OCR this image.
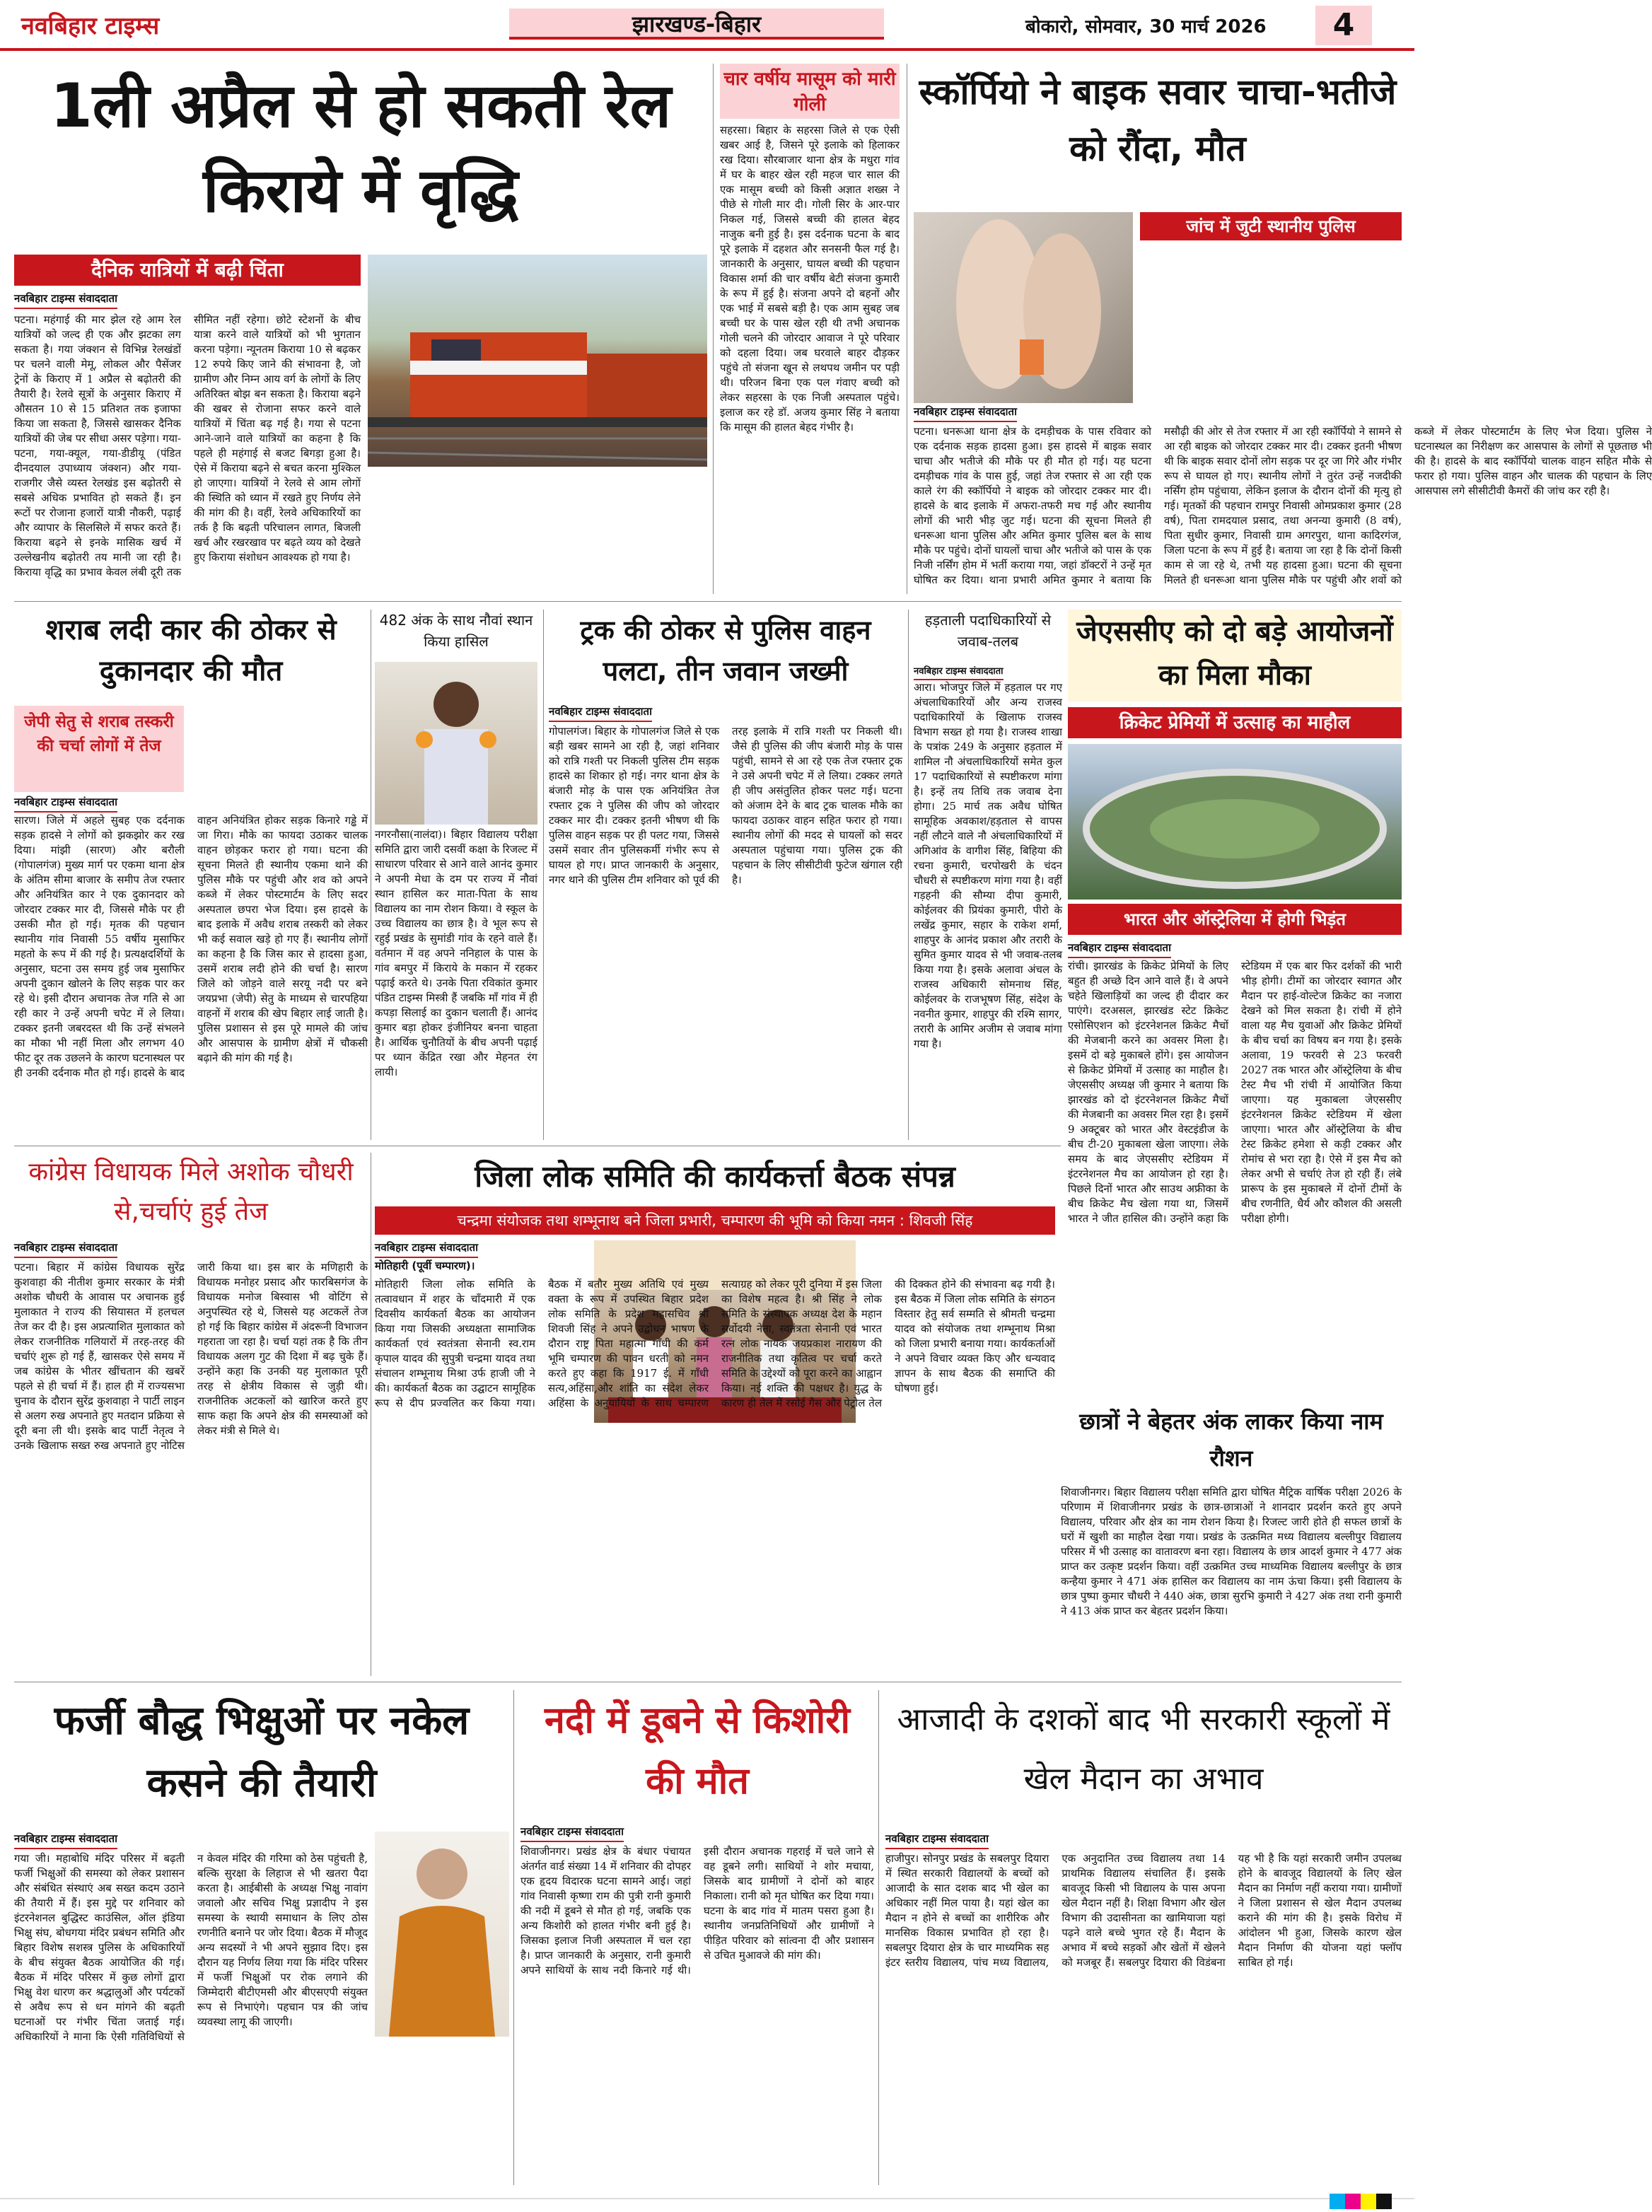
नवबिहार टाइम्स	झारखण्ड-बिहार	बोकारो, सोमवार, 30 मार्च 2026	4
1ली अप्रैल से हो सकती रेल किराये में वृद्धि
दैनिक यात्रियों में बढ़ी चिंता
नवबिहार टाइम्स संवाददाता
पटना। महंगाई की मार झेल रहे आम रेल यात्रियों को जल्द ही एक और झटका लग सकता है। गया जंक्शन से विभिन्न रेलखंडों पर चलने वाली मेमू, लोकल और पैसेंजर ट्रेनों के किराए में 1 अप्रैल से बढ़ोतरी की तैयारी है। रेलवे सूत्रों के अनुसार किराए में औसतन 10 से 15 प्रतिशत तक इजाफा किया जा सकता है, जिससे खासकर दैनिक यात्रियों की जेब पर सीधा असर पड़ेगा। गया-पटना, गया-क्यूल, गया-डीडीयू (पंडित दीनदयाल उपाध्याय जंक्शन) और गया-राजगीर जैसे व्यस्त रेलखंड इस बढ़ोतरी से सबसे अधिक प्रभावित हो सकते हैं। इन रूटों पर रोजाना हजारों यात्री नौकरी, पढ़ाई और व्यापार के सिलसिले में सफर करते हैं। किराया बढ़ने से इनके मासिक खर्च में उल्लेखनीय बढ़ोतरी तय मानी जा रही है। किराया वृद्धि का प्रभाव केवल लंबी दूरी तक सीमित नहीं रहेगा। छोटे स्टेशनों के बीच यात्रा करने वाले यात्रियों को भी भुगतान करना पड़ेगा। न्यूनतम किराया 10 से बढ़कर 12 रुपये किए जाने की संभावना है, जो ग्रामीण और निम्न आय वर्ग के लोगों के लिए अतिरिक्त बोझ बन सकता है। किराया बढ़ने की खबर से रोजाना सफर करने वाले यात्रियों में चिंता बढ़ गई है। गया से पटना आने-जाने वाले यात्रियों का कहना है कि पहले ही महंगाई से बजट बिगड़ा हुआ है। ऐसे में किराया बढ़ने से बचत करना मुश्किल हो जाएगा। यात्रियों ने रेलवे से आम लोगों की स्थिति को ध्यान में रखते हुए निर्णय लेने की मांग की है। वहीं, रेलवे अधिकारियों का तर्क है कि बढ़ती परिचालन लागत, बिजली खर्च और रखरखाव पर बढ़ते व्यय को देखते हुए किराया संशोधन आवश्यक हो गया है।
चार वर्षीय मासूम को मारी गोली
सहरसा। बिहार के सहरसा जिले से एक ऐसी खबर आई है, जिसने पूरे इलाके को हिलाकर रख दिया। सौरबाजार थाना क्षेत्र के मधुरा गांव में घर के बाहर खेल रही महज चार साल की एक मासूम बच्ची को किसी अज्ञात शख्स ने पीछे से गोली मार दी। गोली सिर के आर-पार निकल गई, जिससे बच्ची की हालत बेहद नाजुक बनी हुई है। इस दर्दनाक घटना के बाद पूरे इलाके में दहशत और सनसनी फैल गई है। जानकारी के अनुसार, घायल बच्ची की पहचान विकास शर्मा की चार वर्षीय बेटी संजना कुमारी के रूप में हुई है। संजना अपने दो बहनों और एक भाई में सबसे बड़ी है। एक आम सुबह जब बच्ची घर के पास खेल रही थी तभी अचानक गोली चलने की जोरदार आवाज ने पूरे परिवार को दहला दिया। जब घरवाले बाहर दौड़कर पहुंचे तो संजना खून से लथपथ जमीन पर पड़ी थी। परिजन बिना एक पल गंवाए बच्ची को लेकर सहरसा के एक निजी अस्पताल पहुंचे। इलाज कर रहे डॉ. अजय कुमार सिंह ने बताया कि मासूम की हालत बेहद गंभीर है।
स्कॉर्पियो ने बाइक सवार चाचा-भतीजे को रौंदा, मौत
नवबिहार टाइम्स संवाददाता
जांच में जुटी स्थानीय पुलिस
पटना। धनरूआ थाना क्षेत्र के दमड़ीचक के पास रविवार को एक दर्दनाक सड़क हादसा हुआ। इस हादसे में बाइक सवार चाचा और भतीजे की मौके पर ही मौत हो गई। यह घटना दमड़ीचक गांव के पास हुई, जहां तेज रफ्तार से आ रही एक काले रंग की स्कॉर्पियो ने बाइक को जोरदार टक्कर मार दी। हादसे के बाद इलाके में अफरा-तफरी मच गई और स्थानीय लोगों की भारी भीड़ जुट गई। घटना की सूचना मिलते ही धनरूआ थाना पुलिस और अमित कुमार पुलिस बल के साथ मौके पर पहुंचे। दोनों घायलों चाचा और भतीजे को पास के एक निजी नर्सिंग होम में भर्ती कराया गया, जहां डॉक्टरों ने उन्हें मृत घोषित कर दिया। थाना प्रभारी अमित कुमार ने बताया कि मसौढ़ी की ओर से तेज रफ्तार में आ रही स्कॉर्पियो ने सामने से आ रही बाइक को जोरदार टक्कर मार दी। टक्कर इतनी भीषण थी कि बाइक सवार दोनों लोग सड़क पर दूर जा गिरे और गंभीर रूप से घायल हो गए। स्थानीय लोगों ने तुरंत उन्हें नजदीकी नर्सिंग होम पहुंचाया, लेकिन इलाज के दौरान दोनों की मृत्यु हो गई। मृतकों की पहचान रामपुर निवासी ओमप्रकाश कुमार (28 वर्ष), पिता रामदयाल प्रसाद, तथा अनन्या कुमारी (8 वर्ष), पिता सुधीर कुमार, निवासी ग्राम अगरपुरा, थाना कादिरगंज, जिला पटना के रूप में हुई है। बताया जा रहा है कि दोनों किसी काम से जा रहे थे, तभी यह हादसा हुआ। घटना की सूचना मिलते ही धनरूआ थाना पुलिस मौके पर पहुंची और शवों को कब्जे में लेकर पोस्टमार्टम के लिए भेज दिया। पुलिस ने घटनास्थल का निरीक्षण कर आसपास के लोगों से पूछताछ भी की है। हादसे के बाद स्कॉर्पियो चालक वाहन सहित मौके से फरार हो गया। पुलिस वाहन और चालक की पहचान के लिए आसपास लगे सीसीटीवी कैमरों की जांच कर रही है।
शराब लदी कार की ठोकर से दुकानदार की मौत
जेपी सेतु से शराब तस्करी की चर्चा लोगों में तेज
नवबिहार टाइम्स संवाददाता
सारण। जिले में अहले सुबह एक दर्दनाक सड़क हादसे ने लोगों को झकझोर कर रख दिया। मांझी (सारण) और बरौली (गोपालगंज) मुख्य मार्ग पर एकमा थाना क्षेत्र के अंतिम सीमा बाजार के समीप तेज रफ्तार और अनियंत्रित कार ने एक दुकानदार को जोरदार टक्कर मार दी, जिससे मौके पर ही उसकी मौत हो गई। मृतक की पहचान स्थानीय गांव निवासी 55 वर्षीय मुसाफिर महतो के रूप में की गई है। प्रत्यक्षदर्शियों के अनुसार, घटना उस समय हुई जब मुसाफिर अपनी दुकान खोलने के लिए सड़क पार कर रहे थे। इसी दौरान अचानक तेज गति से आ रही कार ने उन्हें अपनी चपेट में ले लिया। टक्कर इतनी जबरदस्त थी कि उन्हें संभलने का मौका भी नहीं मिला और लगभग 40 फीट दूर तक उछलने के कारण घटनास्थल पर ही उनकी दर्दनाक मौत हो गई। हादसे के बाद वाहन अनियंत्रित होकर सड़क किनारे गड्ढे में जा गिरा। मौके का फायदा उठाकर चालक वाहन छोड़कर फरार हो गया। घटना की सूचना मिलते ही स्थानीय एकमा थाने की पुलिस मौके पर पहुंची और शव को अपने कब्जे में लेकर पोस्टमार्टम के लिए सदर अस्पताल छपरा भेज दिया। इस हादसे के बाद इलाके में अवैध शराब तस्करी को लेकर भी कई सवाल खड़े हो गए हैं। स्थानीय लोगों का कहना है कि जिस कार से हादसा हुआ, उसमें शराब लदी होने की चर्चा है। सारण जिले को जोड़ने वाले सरयू नदी पर बने जयप्रभा (जेपी) सेतु के माध्यम से चारपहिया वाहनों में शराब की खेप बिहार लाई जाती है। पुलिस प्रशासन से इस पूरे मामले की जांच और आसपास के ग्रामीण क्षेत्रों में चौकसी बढ़ाने की मांग की गई है।
482 अंक के साथ नौवां स्थान किया हासिल
नगरनौसा(नालंदा)। बिहार विद्यालय परीक्षा समिति द्वारा जारी दसवीं कक्षा के रिजल्ट में साधारण परिवार से आने वाले आनंद कुमार ने अपनी मेधा के दम पर राज्य में नौवां स्थान हासिल कर माता-पिता के साथ विद्यालय का नाम रोशन किया। वे स्कूल के उच्च विद्यालय का छात्र है। वे भूल रूप से रहुई प्रखंड के सुमांडी गांव के रहने वाले हैं। वर्तमान में वह अपने ननिहाल के पास के गांव बमपुर में किराये के मकान में रहकर पढ़ाई करते थे। उनके पिता रविकांत कुमार पंडित टाइम्स मिस्त्री हैं जबकि माँ गांव में ही कपड़ा सिलाई का दुकान चलाती हैं। आनंद कुमार बड़ा होकर इंजीनियर बनना चाहता है। आर्थिक चुनौतियों के बीच अपनी पढ़ाई पर ध्यान केंद्रित रखा और मेहनत रंग लायी।
ट्रक की ठोकर से पुलिस वाहन पलटा, तीन जवान जख्मी
नवबिहार टाइम्स संवाददाता
गोपालगंज। बिहार के गोपालगंज जिले से एक बड़ी खबर सामने आ रही है, जहां शनिवार को रात्रि गश्ती पर निकली पुलिस टीम सड़क हादसे का शिकार हो गई। नगर थाना क्षेत्र के बंजारी मोड़ के पास एक अनियंत्रित तेज रफ्तार ट्रक ने पुलिस की जीप को जोरदार टक्कर मार दी। टक्कर इतनी भीषण थी कि पुलिस वाहन सड़क पर ही पलट गया, जिससे उसमें सवार तीन पुलिसकर्मी गंभीर रूप से घायल हो गए। प्राप्त जानकारी के अनुसार, नगर थाने की पुलिस टीम शनिवार को पूर्व की तरह इलाके में रात्रि गश्ती पर निकली थी। जैसे ही पुलिस की जीप बंजारी मोड़ के पास पहुंची, सामने से आ रहे एक तेज रफ्तार ट्रक ने उसे अपनी चपेट में ले लिया। टक्कर लगते ही जीप असंतुलित होकर पलट गई। घटना को अंजाम देने के बाद ट्रक चालक मौके का फायदा उठाकर वाहन सहित फरार हो गया। स्थानीय लोगों की मदद से घायलों को सदर अस्पताल पहुंचाया गया। पुलिस ट्रक की पहचान के लिए सीसीटीवी फुटेज खंगाल रही है।
हड़ताली पदाधिकारियों से जवाब-तलब
नवबिहार टाइम्स संवाददाता
आरा। भोजपुर जिले में हड़ताल पर गए अंचलाधिकारियों और अन्य राजस्व पदाधिकारियों के खिलाफ राजस्व विभाग सख्त हो गया है। राजस्व शाखा के पत्रांक 249 के अनुसार हड़ताल में शामिल नौ अंचलाधिकारियों समेत कुल 17 पदाधिकारियों से स्पष्टीकरण मांगा है। इन्हें तय तिथि तक जवाब देना होगा। 25 मार्च तक अवैध घोषित सामूहिक अवकाश/हड़ताल से वापस नहीं लौटने वाले नौ अंचलाधिकारियों में अगिआंव के वागीश सिंह, बिहिया की रचना कुमारी, चरपोखरी के चंदन चौधरी से स्पष्टीकरण मांगा गया है। वहीं गड़हनी की सौम्या दीपा कुमारी, कोईलवर की प्रियंका कुमारी, पीरो के लखेंद्र कुमार, सहार के राकेश शर्मा, शाहपुर के आनंद प्रकाश और तरारी के सुमित कुमार यादव से भी जवाब-तलब किया गया है। इसके अलावा अंचल के राजस्व अधिकारी सोमनाथ सिंह, कोईलवर के राजभूषण सिंह, संदेश के नवनीत कुमार, शाहपुर की रश्मि सागर, तरारी के आमिर अजीम से जवाब मांगा गया है।
जेएससीए को दो बड़े आयोजनों का मिला मौका
क्रिकेट प्रेमियों में उत्साह का माहौल
भारत और ऑस्ट्रेलिया में होगी भिड़ंत
नवबिहार टाइम्स संवाददाता
रांची। झारखंड के क्रिकेट प्रेमियों के लिए बहुत ही अच्छे दिन आने वाले हैं। वे अपने चहेते खिलाड़ियों का जल्द ही दीदार कर पाएंगे। दरअसल, झारखंड स्टेट क्रिकेट एसोसिएशन को इंटरनेशनल क्रिकेट मैचों की मेजबानी करने का अवसर मिला है। इसमें दो बड़े मुकाबले होंगे। इस आयोजन से क्रिकेट प्रेमियों में उत्साह का माहौल है। जेएससीए अध्यक्ष जी कुमार ने बताया कि झारखंड को दो इंटरनेशनल क्रिकेट मैचों की मेजबानी का अवसर मिल रहा है। इसमें 9 अक्टूबर को भारत और वेस्टइंडीज के बीच टी-20 मुकाबला खेला जाएगा। लेके समय के बाद जेएससीए स्टेडियम में इंटरनेशनल मैच का आयोजन हो रहा है। पिछले दिनों भारत और साउथ अफ्रीका के बीच क्रिकेट मैच खेला गया था, जिसमें भारत ने जीत हासिल की। उन्होंने कहा कि स्टेडियम में एक बार फिर दर्शकों की भारी भीड़ होगी। टीमों का जोरदार स्वागत और मैदान पर हाई-वोल्टेज क्रिकेट का नजारा देखने को मिल सकता है। रांची में होने वाला यह मैच युवाओं और क्रिकेट प्रेमियों के बीच चर्चा का विषय बन गया है। इसके अलावा, 19 फरवरी से 23 फरवरी 2027 तक भारत और ऑस्ट्रेलिया के बीच टेस्ट मैच भी रांची में आयोजित किया जाएगा। यह मुकाबला जेएससीए इंटरनेशनल क्रिकेट स्टेडियम में खेला जाएगा। भारत और ऑस्ट्रेलिया के बीच टेस्ट क्रिकेट हमेशा से कड़ी टक्कर और रोमांच से भरा रहा है। ऐसे में इस मैच को लेकर अभी से चर्चाएं तेज हो रही हैं। लंबे प्रारूप के इस मुकाबले में दोनों टीमों के बीच रणनीति, धैर्य और कौशल की असली परीक्षा होगी।
कांग्रेस विधायक मिले अशोक चौधरी से,चर्चाएं हुई तेज
नवबिहार टाइम्स संवाददाता
पटना। बिहार में कांग्रेस विधायक सुरेंद्र कुशवाहा की नीतीश कुमार सरकार के मंत्री अशोक चौधरी के आवास पर अचानक हुई मुलाकात ने राज्य की सियासत में हलचल तेज कर दी है। इस अप्रत्याशित मुलाकात को लेकर राजनीतिक गलियारों में तरह-तरह की चर्चाएं शुरू हो गई हैं, खासकर ऐसे समय में जब कांग्रेस के भीतर खींचतान की खबरें पहले से ही चर्चा में हैं। हाल ही में राज्यसभा चुनाव के दौरान सुरेंद्र कुशवाहा ने पार्टी लाइन से अलग रुख अपनाते हुए मतदान प्रक्रिया से दूरी बना ली थी। इसके बाद पार्टी नेतृत्व ने उनके खिलाफ सख्त रुख अपनाते हुए नोटिस जारी किया था। इस बार के मणिहारी के विधायक मनोहर प्रसाद और फारबिसगंज के विधायक मनोज बिस्वास भी वोटिंग से अनुपस्थित रहे थे, जिससे यह अटकलें तेज हो गई कि बिहार कांग्रेस में अंदरूनी विभाजन गहराता जा रहा है। चर्चा यहां तक है कि तीन विधायक अलग गुट की दिशा में बढ़ चुके हैं। उन्होंने कहा कि उनकी यह मुलाकात पूरी तरह से क्षेत्रीय विकास से जुड़ी थी। राजनीतिक अटकलों को खारिज करते हुए साफ कहा कि अपने क्षेत्र की समस्याओं को लेकर मंत्री से मिले थे।
जिला लोक समिति की कार्यकर्त्ता बैठक संपन्न
चन्द्रमा संयोजक तथा शम्भूनाथ बने जिला प्रभारी, चम्पारण की भूमि को किया नमन : शिवजी सिंह
नवबिहार टाइम्स संवाददाता
मोतिहारी (पूर्वी चम्पारण)।
मोतिहारी जिला लोक समिति के तत्वावधान में शहर के चाँदमारी में एक दिवसीय कार्यकर्ता बैठक का आयोजन किया गया जिसकी अध्यक्षता सामाजिक कार्यकर्ता एवं स्वतंत्रता सेनानी स्व.राम कृपाल यादव की सुपुत्री चन्द्रमा यादव तथा संचालन शम्भूनाथ मिश्रा उर्फ हाजी जी ने की। कार्यकर्ता बैठक का उद्घाटन सामूहिक रूप से दीप प्रज्वलित कर किया गया। बैठक में बतौर मुख्य अतिथि एवं मुख्य वक्ता के रूप में उपस्थित बिहार प्रदेश लोक समिति के प्रदेश महासचिव श्री शिवजी सिंह ने अपने उद्बोधन भाषण के दौरान राष्ट्र पिता महात्मा गाँधी की कर्म भूमि चम्पारण की पावन धरती को नमन करते हुए कहा कि 1917 ई. में गाँधी सत्य,अहिंसा,और शांति का संदेश लेकर अहिंसा के अनुयायियों के साथ चम्पारण सत्याग्रह को लेकर पूरी दुनिया में इस जिला का विशेष महत्व है। श्री सिंह ने लोक समिति के संस्थापक अध्यक्ष देश के महान सर्वोदयी नेता, स्वतंत्रता सेनानी एवं भारत रत्न लोक नायक जयप्रकाश नारायण की राजनीतिक तथा कृतित्व पर चर्चा करते समिति के उद्देश्यों को पूरा करने का आह्वान किया। नई शक्ति की पक्षधर है। युद्ध के कारण ही तेल में रसोई गैस और पेट्रोल तेल की दिक्कत होने की संभावना बढ़ गयी है। इस बैठक में जिला लोक समिति के संगठन विस्तार हेतु सर्व सम्मति से श्रीमती चन्द्रमा यादव को संयोजक तथा शम्भूनाथ मिश्रा को जिला प्रभारी बनाया गया। कार्यकर्ताओं ने अपने विचार व्यक्त किए और धन्यवाद ज्ञापन के साथ बैठक की समाप्ति की घोषणा हुई।
छात्रों ने बेहतर अंक लाकर किया नाम रौशन
शिवाजीनगर। बिहार विद्यालय परीक्षा समिति द्वारा घोषित मैट्रिक वार्षिक परीक्षा 2026 के परिणाम में शिवाजीनगर प्रखंड के छात्र-छात्राओं ने शानदार प्रदर्शन करते हुए अपने विद्यालय, परिवार और क्षेत्र का नाम रोशन किया है। रिजल्ट जारी होते ही सफल छात्रों के घरों में खुशी का माहौल देखा गया। प्रखंड के उत्क्रमित मध्य विद्यालय बल्लीपुर विद्यालय परिसर में भी उत्साह का वातावरण बना रहा। विद्यालय के छात्र आदर्श कुमार ने 477 अंक प्राप्त कर उत्कृष्ट प्रदर्शन किया। वहीं उत्क्रमित उच्च माध्यमिक विद्यालय बल्लीपुर के छात्र कन्हैया कुमार ने 471 अंक हासिल कर विद्यालय का नाम ऊंचा किया। इसी विद्यालय के छात्र पुष्पा कुमार चौधरी ने 440 अंक, छात्रा सुरभि कुमारी ने 427 अंक तथा रानी कुमारी ने 413 अंक प्राप्त कर बेहतर प्रदर्शन किया।
फर्जी बौद्ध भिक्षुओं पर नकेल कसने की तैयारी
नवबिहार टाइम्स संवाददाता
गया जी। महाबोधि मंदिर परिसर में बढ़ती फर्जी भिक्षुओं की समस्या को लेकर प्रशासन और संबंधित संस्थाएं अब सख्त कदम उठाने की तैयारी में हैं। इस मुद्दे पर शनिवार को इंटरनेशनल बुद्धिस्ट काउंसिल, ऑल इंडिया भिक्षु संघ, बोधगया मंदिर प्रबंधन समिति और बिहार विशेष सशस्त्र पुलिस के अधिकारियों के बीच संयुक्त बैठक आयोजित की गई। बैठक में मंदिर परिसर में कुछ लोगों द्वारा भिक्षु वेश धारण कर श्रद्धालुओं और पर्यटकों से अवैध रूप से धन मांगने की बढ़ती घटनाओं पर गंभीर चिंता जताई गई। अधिकारियों ने माना कि ऐसी गतिविधियों से न केवल मंदिर की गरिमा को ठेस पहुंचती है, बल्कि सुरक्षा के लिहाज से भी खतरा पैदा करता है। आईबीसी के अध्यक्ष भिक्षु नावांग जवालो और सचिव भिक्षु प्रज्ञादीप ने इस समस्या के स्थायी समाधान के लिए ठोस रणनीति बनाने पर जोर दिया। बैठक में मौजूद अन्य सदस्यों ने भी अपने सुझाव दिए। इस दौरान यह निर्णय लिया गया कि मंदिर परिसर में फर्जी भिक्षुओं पर रोक लगाने की जिम्मेदारी बीटीएमसी और बीएसएपी संयुक्त रूप से निभाएंगे। पहचान पत्र की जांच व्यवस्था लागू की जाएगी।
नदी में डूबने से किशोरी की मौत
नवबिहार टाइम्स संवाददाता
शिवाजीनगर। प्रखंड क्षेत्र के बंधार पंचायत अंतर्गत वार्ड संख्या 14 में शनिवार की दोपहर एक हृदय विदारक घटना सामने आई। जहां गांव निवासी कृष्णा राम की पुत्री रानी कुमारी की नदी में डूबने से मौत हो गई, जबकि एक अन्य किशोरी को हालत गंभीर बनी हुई है। जिसका इलाज निजी अस्पताल में चल रहा है। प्राप्त जानकारी के अनुसार, रानी कुमारी अपने साथियों के साथ नदी किनारे गई थी। इसी दौरान अचानक गहराई में चले जाने से वह डूबने लगी। साथियों ने शोर मचाया, जिसके बाद ग्रामीणों ने दोनों को बाहर निकाला। रानी को मृत घोषित कर दिया गया। घटना के बाद गांव में मातम पसरा हुआ है। स्थानीय जनप्रतिनिधियों और ग्रामीणों ने पीड़ित परिवार को सांत्वना दी और प्रशासन से उचित मुआवजे की मांग की।
आजादी के दशकों बाद भी सरकारी स्कूलों में खेल मैदान का अभाव
नवबिहार टाइम्स संवाददाता
हाजीपुर। सोनपुर प्रखंड के सबलपुर दियारा में स्थित सरकारी विद्यालयों के बच्चों को आजादी के सात दशक बाद भी खेल का अधिकार नहीं मिल पाया है। यहां खेल का मैदान न होने से बच्चों का शारीरिक और मानसिक विकास प्रभावित हो रहा है। सबलपुर दियारा क्षेत्र के चार माध्यमिक सह इंटर स्तरीय विद्यालय, पांच मध्य विद्यालय, एक अनुदानित उच्च विद्यालय तथा 14 प्राथमिक विद्यालय संचालित हैं। इसके बावजूद किसी भी विद्यालय के पास अपना खेल मैदान नहीं है। शिक्षा विभाग और खेल विभाग की उदासीनता का खामियाजा यहां पढ़ने वाले बच्चे भुगत रहे हैं। मैदान के अभाव में बच्चे सड़कों और खेतों में खेलने को मजबूर हैं। सबलपुर दियारा की विडंबना यह भी है कि यहां सरकारी जमीन उपलब्ध होने के बावजूद विद्यालयों के लिए खेल मैदान का निर्माण नहीं कराया गया। ग्रामीणों ने जिला प्रशासन से खेल मैदान उपलब्ध कराने की मांग की है। इसके विरोध में आंदोलन भी हुआ, जिसके कारण खेल मैदान निर्माण की योजना यहां फ्लॉप साबित हो गई।
